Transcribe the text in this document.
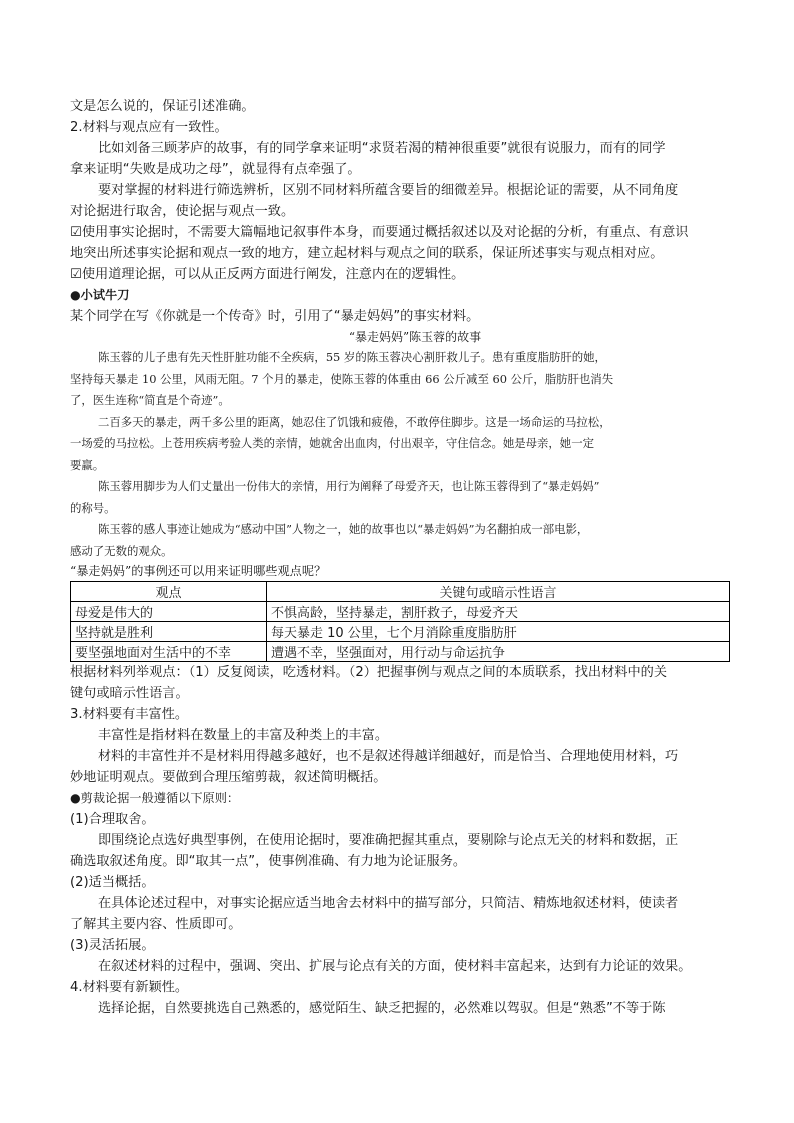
文是怎么说的，保证引述准确。
2.材料与观点应有一致性。
比如刘备三顾茅庐的故事，有的同学拿来证明“求贤若渴的精神很重要”就很有说服力，而有的同学
拿来证明“失败是成功之母”，就显得有点牵强了。
要对掌握的材料进行筛选辨析，区别不同材料所蕴含要旨的细微差异。根据论证的需要，从不同角度
对论据进行取舍，使论据与观点一致。
☑使用事实论据时，不需要大篇幅地记叙事件本身，而要通过概括叙述以及对论据的分析，有重点、有意识
地突出所述事实论据和观点一致的地方，建立起材料与观点之间的联系，保证所述事实与观点相对应。
☑使用道理论据，可以从正反两方面进行阐发，注意内在的逻辑性。
●小试牛刀
某个同学在写《你就是一个传奇》时，引用了“暴走妈妈”的事实材料。
“暴走妈妈”陈玉蓉的故事
陈玉蓉的儿子患有先天性肝脏功能不全疾病，55 岁的陈玉蓉决心割肝救儿子。患有重度脂肪肝的她，
坚持每天暴走 10 公里，风雨无阻。7 个月的暴走，使陈玉蓉的体重由 66 公斤减至 60 公斤，脂肪肝也消失
了，医生连称“简直是个奇迹”。
二百多天的暴走，两千多公里的距离，她忍住了饥饿和疲倦，不敢停住脚步。这是一场命运的马拉松，
一场爱的马拉松。上苍用疾病考验人类的亲情，她就舍出血肉，付出艰辛，守住信念。她是母亲，她一定
要赢。
陈玉蓉用脚步为人们丈量出一份伟大的亲情，用行为阐释了母爱齐天，也让陈玉蓉得到了“暴走妈妈”
的称号。
陈玉蓉的感人事迹让她成为“感动中国”人物之一，她的故事也以“暴走妈妈”为名翻拍成一部电影，
感动了无数的观众。
“暴走妈妈”的事例还可以用来证明哪些观点呢？
观点	关键句或暗示性语言
母爱是伟大的	不惧高龄，坚持暴走，割肝救子，母爱齐天
坚持就是胜利	每天暴走 10 公里，七个月消除重度脂肪肝
要坚强地面对生活中的不幸	遭遇不幸，坚强面对，用行动与命运抗争
根据材料列举观点：（1）反复阅读，吃透材料。（2）把握事例与观点之间的本质联系，找出材料中的关
键句或暗示性语言。
3.材料要有丰富性。
丰富性是指材料在数量上的丰富及种类上的丰富。
材料的丰富性并不是材料用得越多越好，也不是叙述得越详细越好，而是恰当、合理地使用材料，巧
妙地证明观点。要做到合理压缩剪裁，叙述简明概括。
●剪裁论据一般遵循以下原则：
(1)合理取舍。
即围绕论点选好典型事例，在使用论据时，要准确把握其重点，要剔除与论点无关的材料和数据，正
确选取叙述角度。即“取其一点”，使事例准确、有力地为论证服务。
(2)适当概括。
在具体论述过程中，对事实论据应适当地舍去材料中的描写部分，只简洁、精炼地叙述材料，使读者
了解其主要内容、性质即可。
(3)灵活拓展。
在叙述材料的过程中，强调、突出、扩展与论点有关的方面，使材料丰富起来，达到有力论证的效果。
4.材料要有新颖性。
选择论据，自然要挑选自己熟悉的，感觉陌生、缺乏把握的，必然难以驾驭。但是“熟悉”不等于陈
